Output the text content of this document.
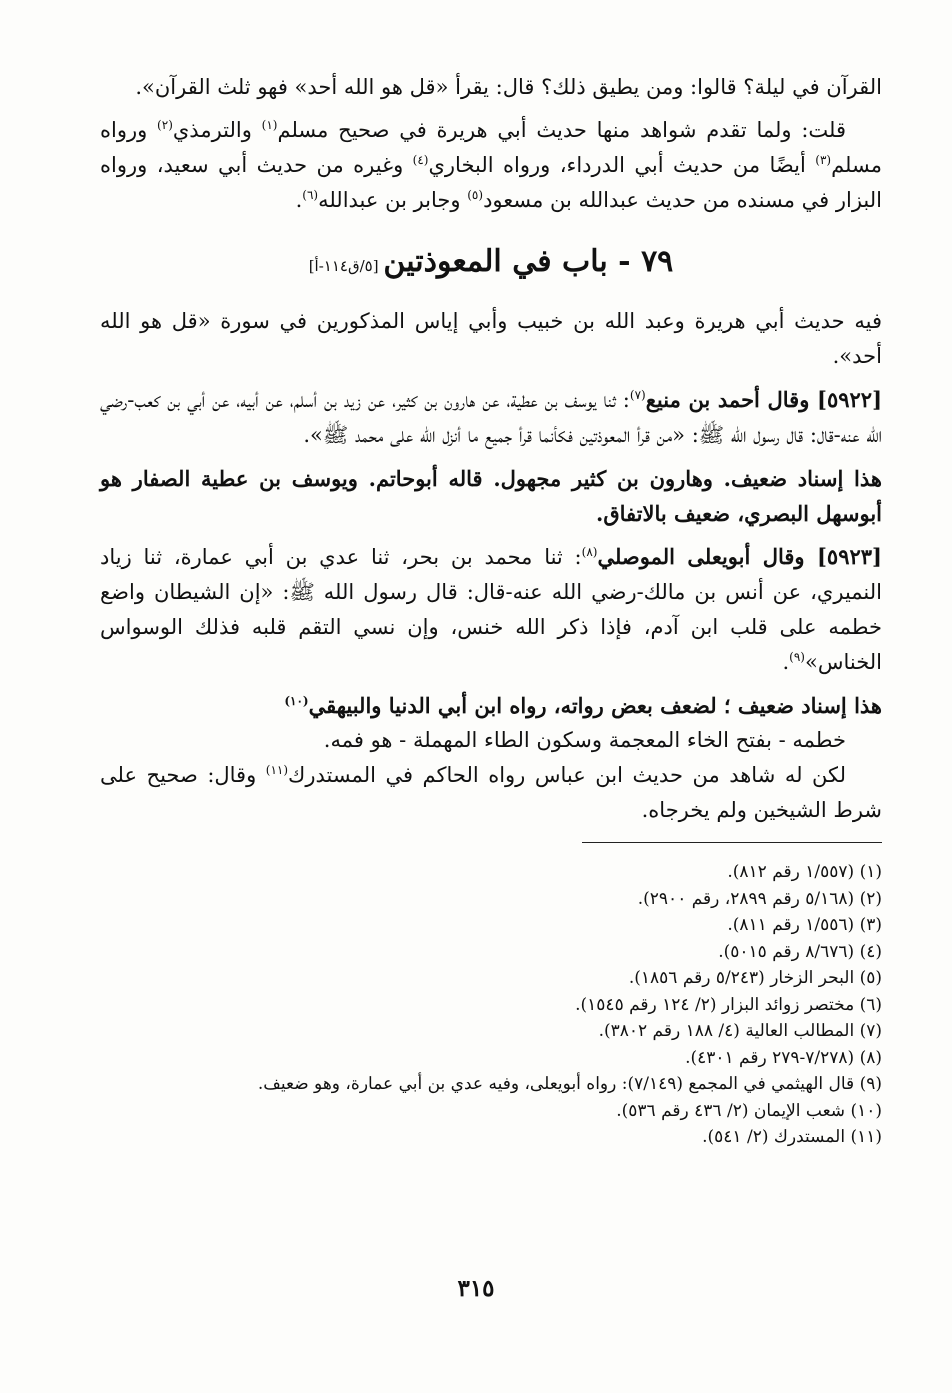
القرآن في ليلة؟ قالوا: ومن يطيق ذلك؟ قال: يقرأ «قل هو الله أحد» فهو ثلث القرآن».

قلت: ولما تقدم شواهد منها حديث أبي هريرة في صحيح مسلم$^{(١)}$ والترمذي$^{(٢)}$ ورواه مسلم$^{(٣)}$ أيضًا من حديث أبي الدرداء، ورواه البخاري$^{(٤)}$ وغيره من حديث أبي سعيد، ورواه البزار في مسنده من حديث عبدالله بن مسعود$^{(٥)}$ وجابر بن عبدالله$^{(٦)}$.

٧٩ - باب في المعوذتين [٥/ق١١٤-أ]

فيه حديث أبي هريرة وعبد الله بن خبيب وأبي إياس المذكورين في سورة «قل هو الله أحد».

[٥٩٢٢] وقال أحمد بن منيع$^{(٧)}$: ثنا يوسف بن عطية، عن هارون بن كثير، عن زيد بن أسلم، عن أبيه، عن أبي بن كعب-رضي الله عنه-قال: قال رسول الله ﷺ: «من قرأ المعوذتين فكأنما قرأ جميع ما أنزل الله على محمد ﷺ».

هذا إسناد ضعيف. وهارون بن كثير مجهول. قاله أبوحاتم. ويوسف بن عطية الصفار هو أبوسهل البصري، ضعيف بالاتفاق.

[٥٩٢٣] وقال أبويعلى الموصلي$^{(٨)}$: ثنا محمد بن بحر، ثنا عدي بن أبي عمارة، ثنا زياد النميري، عن أنس بن مالك-رضي الله عنه-قال: قال رسول الله ﷺ: «إن الشيطان واضع خطمه على قلب ابن آدم، فإذا ذكر الله خنس، وإن نسي التقم قلبه فذلك الوسواس الخناس»$^{(٩)}$.

هذا إسناد ضعيف ؛ لضعف بعض رواته، رواه ابن أبي الدنيا والبيهقي$^{(١٠)}$

خطمه - بفتح الخاء المعجمة وسكون الطاء المهملة - هو فمه.

لكن له شاهد من حديث ابن عباس رواه الحاكم في المستدرك$^{(١١)}$ وقال: صحيح على شرط الشيخين ولم يخرجاه.

(١) (١/٥٥٧ رقم ٨١٢).
(٢) (٥/١٦٨ رقم ٢٨٩٩، رقم ٢٩٠٠).
(٣) (١/٥٥٦ رقم ٨١١).
(٤) (٨/٦٧٦ رقم ٥٠١٥).
(٥) البحر الزخار (٥/٢٤٣ رقم ١٨٥٦).
(٦) مختصر زوائد البزار (٢/ ١٢٤ رقم ١٥٤٥).
(٧) المطالب العالية (٤/ ١٨٨ رقم ٣٨٠٢).
(٨) (٧/٢٧٨-٢٧٩ رقم ٤٣٠١).
(٩) قال الهيثمي في المجمع (٧/١٤٩): رواه أبويعلى، وفيه عدي بن أبي عمارة، وهو ضعيف.
(١٠) شعب الإيمان (٢/ ٤٣٦ رقم ٥٣٦).
(١١) المستدرك (٢/ ٥٤١).
٣١٥
